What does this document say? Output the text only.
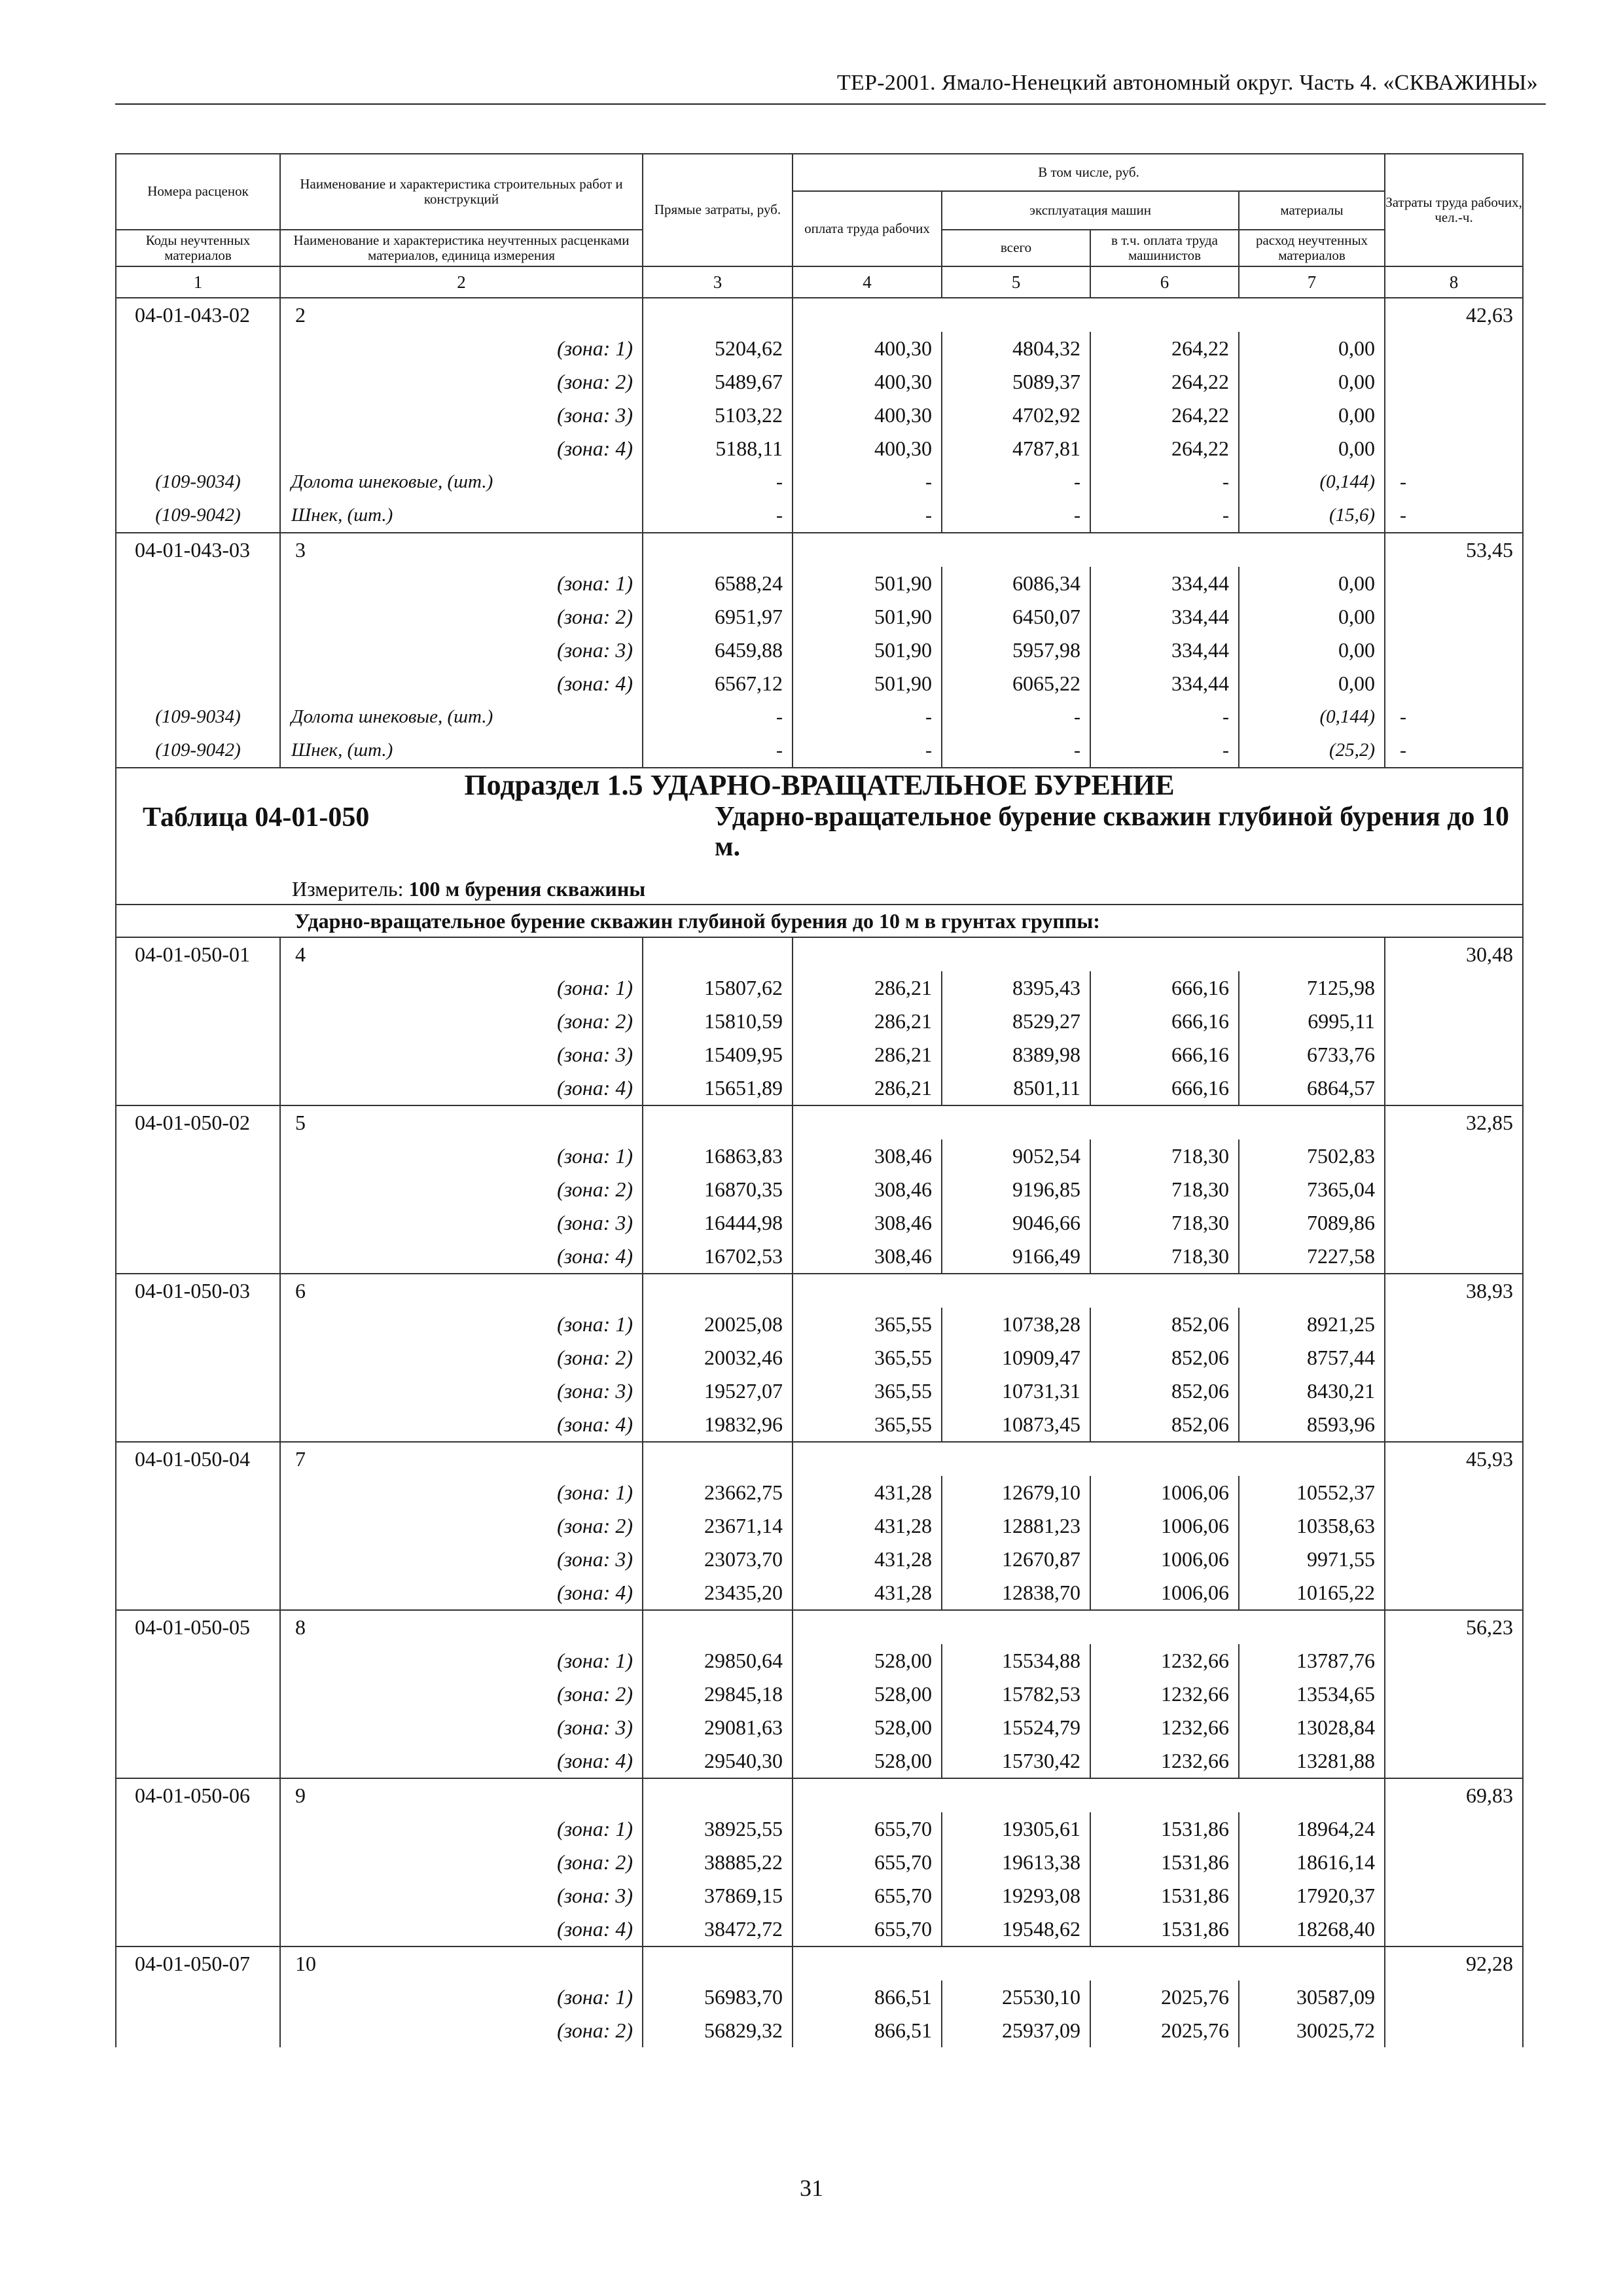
ТЕР-2001. Ямало-Ненецкий автономный округ. Часть 4. «СКВАЖИНЫ»
Номера расценок	Наименование и характеристика строительных работ и конструкций	Прямые затраты, руб.	В том числе, руб.				Затраты труда рабочих, чел.-ч.
			оплата труда рабочих	эксплуатация машин		материалы	
Коды неучтенных материалов	Наименование и характеристика неучтенных расценками материалов, единица измерения			всего	в т.ч. оплата труда машинистов	расход неучтенных материалов	

1	2	3	4	5	6	7	8
04-01-043-02	2						42,63
	(зона: 1)	5204,62	400,30	4804,32	264,22	0,00	
	(зона: 2)	5489,67	400,30	5089,37	264,22	0,00	
	(зона: 3)	5103,22	400,30	4702,92	264,22	0,00	
	(зона: 4)	5188,11	400,30	4787,81	264,22	0,00	
(109-9034)	Долота шнековые, (шт.)	-	-	-	-	(0,144)	-
(109-9042)	Шнек, (шт.)	-	-	-	-	(15,6)	-
04-01-043-03	3						53,45
	(зона: 1)	6588,24	501,90	6086,34	334,44	0,00	
	(зона: 2)	6951,97	501,90	6450,07	334,44	0,00	
	(зона: 3)	6459,88	501,90	5957,98	334,44	0,00	
	(зона: 4)	6567,12	501,90	6065,22	334,44	0,00	
(109-9034)	Долота шнековые, (шт.)	-	-	-	-	(0,144)	-
(109-9042)	Шнек, (шт.)	-	-	-	-	(25,2)	-
Подраздел 1.5 УДАРНО-ВРАЩАТЕЛЬНОЕ БУРЕНИЕ							
Таблица 04-01-050		Ударно-вращательное бурение скважин глубиной бурения до 10 м.					
Измеритель: 100 м бурения скважины							
	Ударно-вращательное бурение скважин глубиной бурения до 10 м в грунтах группы:						
04-01-050-01	4						30,48
	(зона: 1)	15807,62	286,21	8395,43	666,16	7125,98	
	(зона: 2)	15810,59	286,21	8529,27	666,16	6995,11	
	(зона: 3)	15409,95	286,21	8389,98	666,16	6733,76	
	(зона: 4)	15651,89	286,21	8501,11	666,16	6864,57	
04-01-050-02	5						32,85
	(зона: 1)	16863,83	308,46	9052,54	718,30	7502,83	
	(зона: 2)	16870,35	308,46	9196,85	718,30	7365,04	
	(зона: 3)	16444,98	308,46	9046,66	718,30	7089,86	
	(зона: 4)	16702,53	308,46	9166,49	718,30	7227,58	
04-01-050-03	6						38,93
	(зона: 1)	20025,08	365,55	10738,28	852,06	8921,25	
	(зона: 2)	20032,46	365,55	10909,47	852,06	8757,44	
	(зона: 3)	19527,07	365,55	10731,31	852,06	8430,21	
	(зона: 4)	19832,96	365,55	10873,45	852,06	8593,96	
04-01-050-04	7						45,93
	(зона: 1)	23662,75	431,28	12679,10	1006,06	10552,37	
	(зона: 2)	23671,14	431,28	12881,23	1006,06	10358,63	
	(зона: 3)	23073,70	431,28	12670,87	1006,06	9971,55	
	(зона: 4)	23435,20	431,28	12838,70	1006,06	10165,22	
04-01-050-05	8						56,23
	(зона: 1)	29850,64	528,00	15534,88	1232,66	13787,76	
	(зона: 2)	29845,18	528,00	15782,53	1232,66	13534,65	
	(зона: 3)	29081,63	528,00	15524,79	1232,66	13028,84	
	(зона: 4)	29540,30	528,00	15730,42	1232,66	13281,88	
04-01-050-06	9						69,83
	(зона: 1)	38925,55	655,70	19305,61	1531,86	18964,24	
	(зона: 2)	38885,22	655,70	19613,38	1531,86	18616,14	
	(зона: 3)	37869,15	655,70	19293,08	1531,86	17920,37	
	(зона: 4)	38472,72	655,70	19548,62	1531,86	18268,40	
04-01-050-07	10						92,28
	(зона: 1)	56983,70	866,51	25530,10	2025,76	30587,09	
	(зона: 2)	56829,32	866,51	25937,09	2025,76	30025,72	
31
